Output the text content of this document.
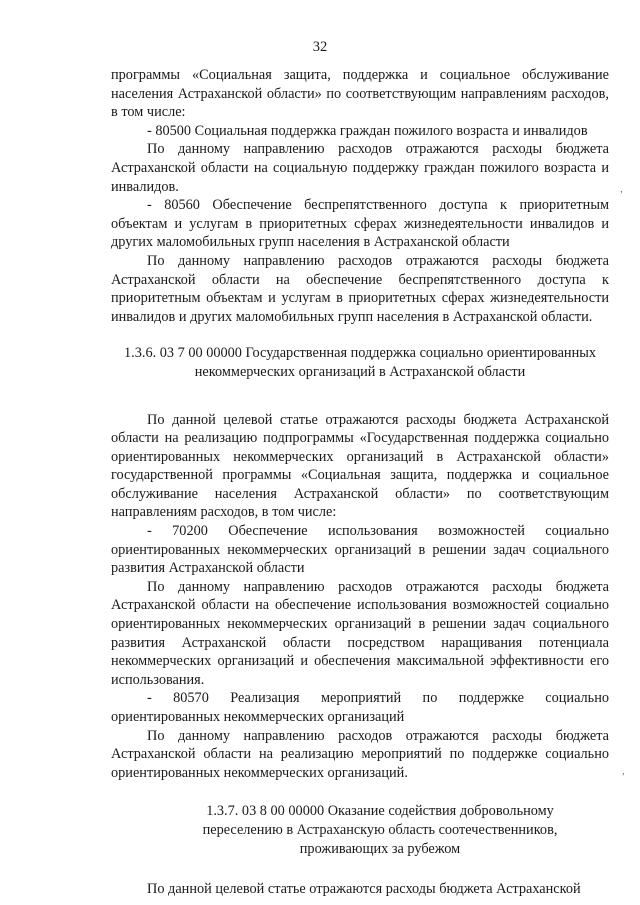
32
,
,

программы «Социальная защита, поддержка и социальное обслуживание населения Астраханской области» по соответствующим направлениям расходов, в том числе:

- 80500 Социальная поддержка граждан пожилого возраста и инвалидов

По данному направлению расходов отражаются расходы бюджета Астраханской области на социальную поддержку граждан пожилого возраста и инвалидов.

- 80560 Обеспечение беспрепятственного доступа к приоритетным объектам и услугам в приоритетных сферах жизнедеятельности инвалидов и других маломобильных групп населения в Астраханской области

По данному направлению расходов отражаются расходы бюджета Астраханской области на обеспечение беспрепятственного доступа к приоритетным объектам и услугам в приоритетных сферах жизнедеятельности инвалидов и других маломобильных групп населения в Астраханской области.

1.3.6. 03 7 00 00000 Государственная поддержка социально ориентированных некоммерческих организаций в Астраханской области

По данной целевой статье отражаются расходы бюджета Астраханской области на реализацию подпрограммы «Государственная поддержка социально ориентированных некоммерческих организаций в Астраханской области» государственной программы «Социальная защита, поддержка и социальное обслуживание населения Астраханской области» по соответствующим направлениям расходов, в том числе:

- 70200 Обеспечение использования возможностей социально ориентированных некоммерческих организаций в решении задач социального развития Астраханской области

По данному направлению расходов отражаются расходы бюджета Астраханской области на обеспечение использования возможностей социально ориентированных некоммерческих организаций в решении задач социального развития Астраханской области посредством наращивания потенциала некоммерческих организаций и обеспечения максимальной эффективности его использования.

- 80570 Реализация мероприятий по поддержке социально ориентированных некоммерческих организаций

По данному направлению расходов отражаются расходы бюджета Астраханской области на реализацию мероприятий по поддержке социально ориентированных некоммерческих организаций.

1.3.7. 03 8 00 00000 Оказание содействия добровольному
переселению в Астраханскую область соотечественников,
проживающих за рубежом

По данной целевой статье отражаются расходы бюджета Астраханской
